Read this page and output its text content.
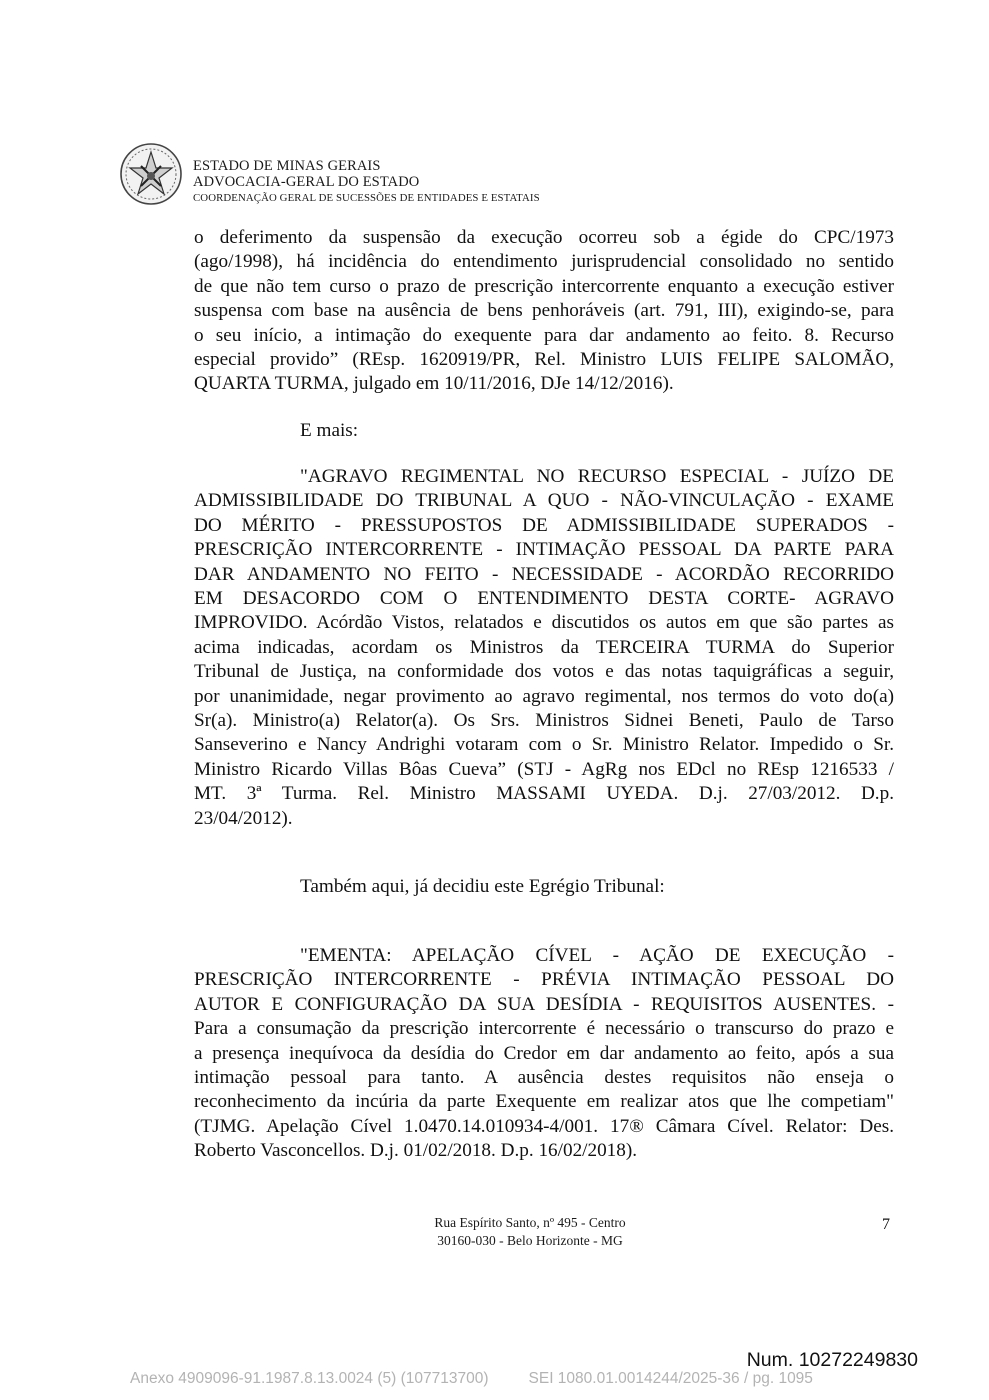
ESTADO DE MINAS GERAIS
ADVOCACIA-GERAL DO ESTADO
COORDENAÇÃO GERAL DE SUCESSÕES DE ENTIDADES E ESTATAIS
o deferimento da suspensão da execução ocorreu sob a égide do CPC/1973
(ago/1998), há incidência do entendimento jurisprudencial consolidado no sentido
de que não tem curso o prazo de prescrição intercorrente enquanto a execução estiver
suspensa com base na ausência de bens penhoráveis (art. 791, III), exigindo-se, para
o seu início, a intimação do exequente para dar andamento ao feito. 8. Recurso
especial provido” (REsp. 1620919/PR, Rel. Ministro LUIS FELIPE SALOMÃO,
QUARTA TURMA, julgado em 10/11/2016, DJe 14/12/2016).
E mais:
"AGRAVO REGIMENTAL NO RECURSO ESPECIAL - JUÍZO DE
ADMISSIBILIDADE DO TRIBUNAL A QUO - NÃO-VINCULAÇÃO - EXAME
DO MÉRITO - PRESSUPOSTOS DE ADMISSIBILIDADE SUPERADOS -
PRESCRIÇÃO INTERCORRENTE - INTIMAÇÃO PESSOAL DA PARTE PARA
DAR ANDAMENTO NO FEITO - NECESSIDADE - ACORDÃO RECORRIDO
EM DESACORDO COM O ENTENDIMENTO DESTA CORTE- AGRAVO
IMPROVIDO. Acórdão Vistos, relatados e discutidos os autos em que são partes as
acima indicadas, acordam os Ministros da TERCEIRA TURMA do Superior
Tribunal de Justiça, na conformidade dos votos e das notas taquigráficas a seguir,
por unanimidade, negar provimento ao agravo regimental, nos termos do voto do(a)
Sr(a). Ministro(a) Relator(a). Os Srs. Ministros Sidnei Beneti, Paulo de Tarso
Sanseverino e Nancy Andrighi votaram com o Sr. Ministro Relator. Impedido o Sr.
Ministro Ricardo Villas Bôas Cueva” (STJ - AgRg nos EDcl no REsp 1216533 /
MT. 3ª Turma. Rel. Ministro MASSAMI UYEDA. D.j. 27/03/2012. D.p.
23/04/2012).
Também aqui, já decidiu este Egrégio Tribunal:
"EMENTA: APELAÇÃO CÍVEL - AÇÃO DE EXECUÇÃO -
PRESCRIÇÃO INTERCORRENTE - PRÉVIA INTIMAÇÃO PESSOAL DO
AUTOR E CONFIGURAÇÃO DA SUA DESÍDIA - REQUISITOS AUSENTES. -
Para a consumação da prescrição intercorrente é necessário o transcurso do prazo e
a presença inequívoca da desídia do Credor em dar andamento ao feito, após a sua
intimação pessoal para tanto. A ausência destes requisitos não enseja o
reconhecimento da incúria da parte Exequente em realizar atos que lhe competiam"
(TJMG. Apelação Cível 1.0470.14.010934-4/001. 17® Câmara Cível. Relator: Des.
Roberto Vasconcellos. D.j. 01/02/2018. D.p. 16/02/2018).
Rua Espírito Santo, nº 495 - Centro
30160-030 - Belo Horizonte - MG
7
Num. 10272249830
Anexo 4909096-91.1987.8.13.0024 (5) (107713700)	SEI 1080.01.0014244/2025-36 / pg. 1095
